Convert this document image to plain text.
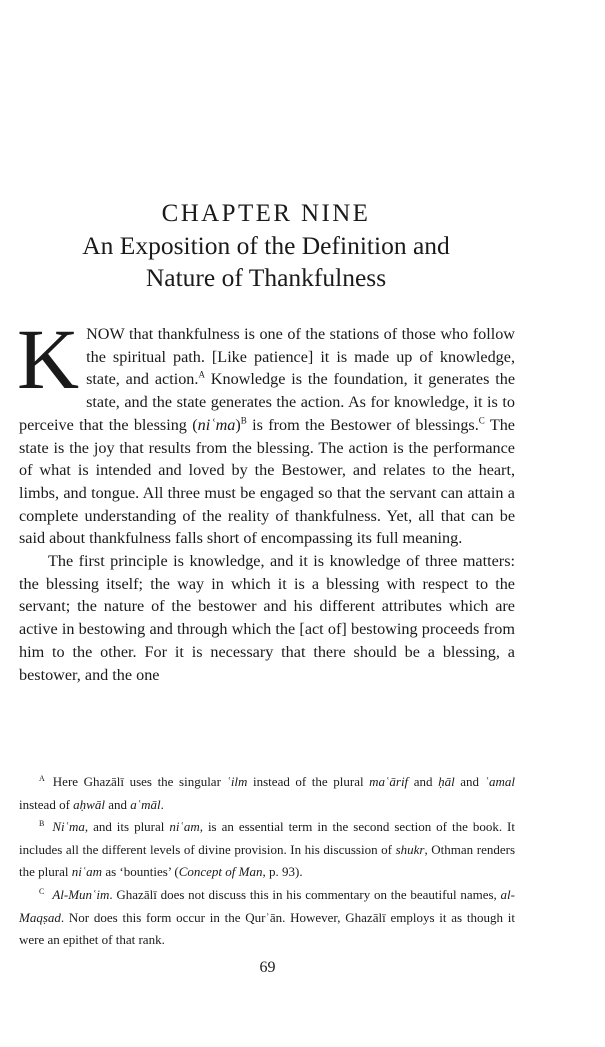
CHAPTER NINE
An Exposition of the Definition and
Nature of Thankfulness

KNOW that thankfulness is one of the stations of those who follow the spiritual path. [Like patience] it is made up of knowledge, state, and action.$^A$ Knowledge is the foundation, it generates the state, and the state generates the action. As for knowledge, it is to perceive that the blessing (niʿma)$^B$ is from the Bestower of blessings.$^C$ The state is the joy that results from the blessing. The action is the performance of what is intended and loved by the Bestower, and relates to the heart, limbs, and tongue. All three must be engaged so that the servant can attain a complete understanding of the reality of thankfulness. Yet, all that can be said about thankfulness falls short of encompassing its full meaning.

The first principle is knowledge, and it is knowledge of three matters: the blessing itself; the way in which it is a blessing with respect to the servant; the nature of the bestower and his different attributes which are active in bestowing and through which the [act of] bestowing proceeds from him to the other. For it is necessary that there should be a blessing, a bestower, and the one

$^A$ Here Ghazālī uses the singular ʿilm instead of the plural maʿārif and ḥāl and ʿamal instead of aḥwāl and aʿmāl.

$^B$ Niʿma, and its plural niʿam, is an essential term in the second section of the book. It includes all the different levels of divine provision. In his discussion of shukr, Othman renders the plural niʿam as ‘bounties’ (Concept of Man, p. 93).

$^C$ Al-Munʿim. Ghazālī does not discuss this in his commentary on the beautiful names, al-Maqṣad. Nor does this form occur in the Qurʾān. However, Ghazālī employs it as though it were an epithet of that rank.

69
